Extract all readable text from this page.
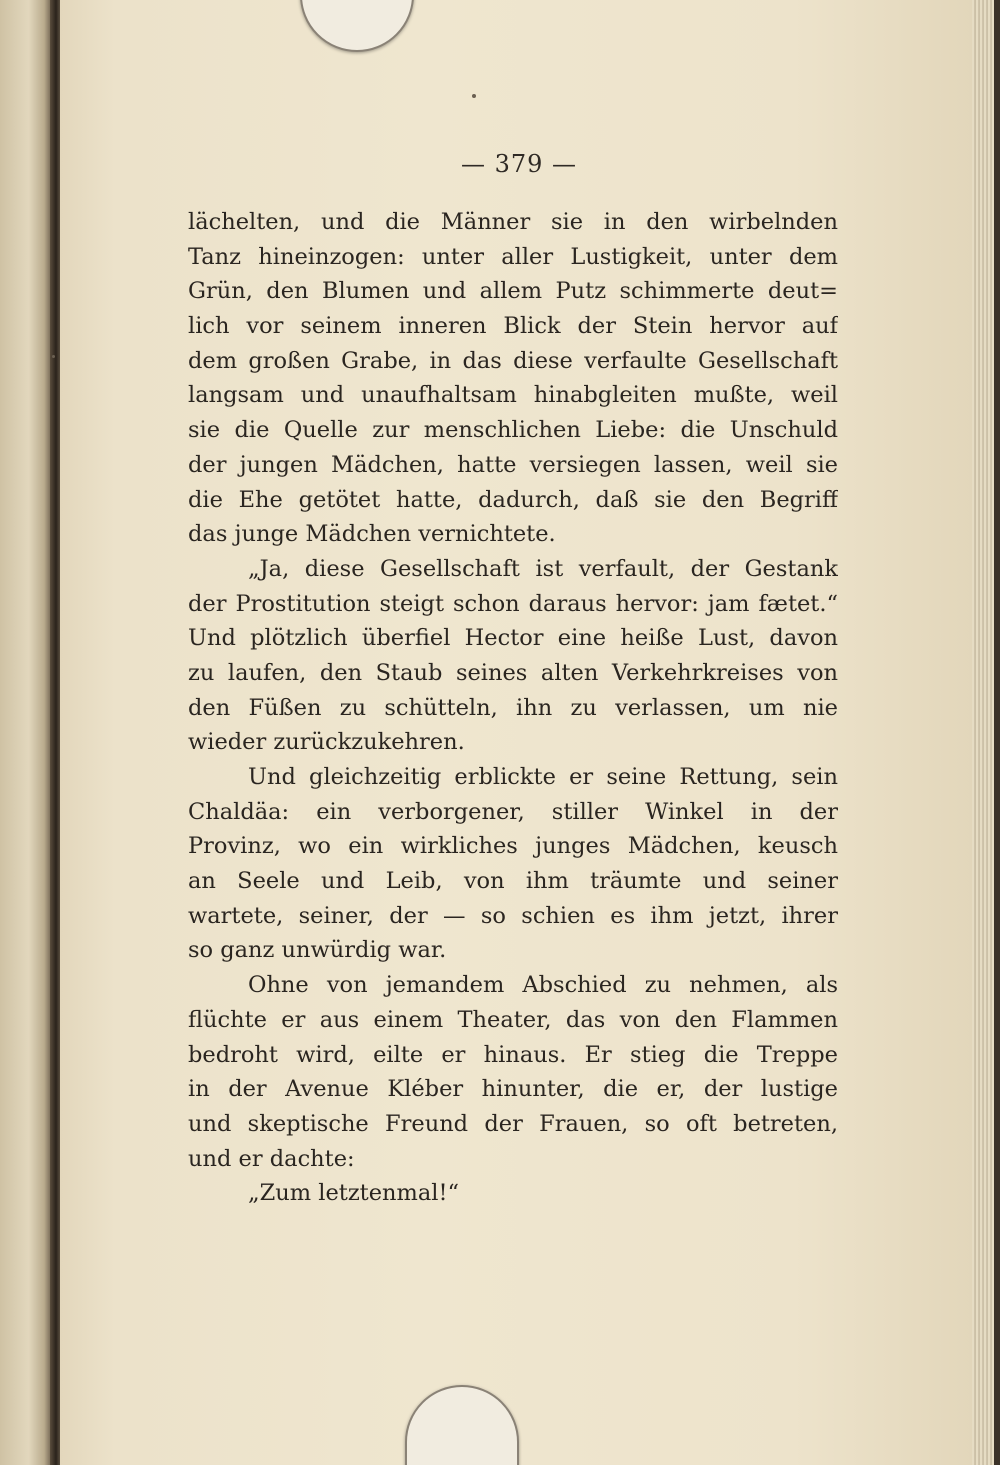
— 379 —
lächelten, und die Männer sie in den wirbelnden
Tanz hineinzogen: unter aller Lustigkeit, unter dem
Grün, den Blumen und allem Putz schimmerte deut=
lich vor seinem inneren Blick der Stein hervor auf
dem großen Grabe, in das diese verfaulte Gesellschaft
langsam und unaufhaltsam hinabgleiten mußte, weil
sie die Quelle zur menschlichen Liebe: die Unschuld
der jungen Mädchen, hatte versiegen lassen, weil sie
die Ehe getötet hatte, dadurch, daß sie den Begriff
das junge Mädchen vernichtete.
„Ja, diese Gesellschaft ist verfault, der Gestank
der Prostitution steigt schon daraus hervor: jam fætet.“
Und plötzlich überfiel Hector eine heiße Lust, davon
zu laufen, den Staub seines alten Verkehrkreises von
den Füßen zu schütteln, ihn zu verlassen, um nie
wieder zurückzukehren.
Und gleichzeitig erblickte er seine Rettung, sein
Chaldäa: ein verborgener, stiller Winkel in der
Provinz, wo ein wirkliches junges Mädchen, keusch
an Seele und Leib, von ihm träumte und seiner
wartete, seiner, der — so schien es ihm jetzt, ihrer
so ganz unwürdig war.
Ohne von jemandem Abschied zu nehmen, als
flüchte er aus einem Theater, das von den Flammen
bedroht wird, eilte er hinaus. Er stieg die Treppe
in der Avenue Kléber hinunter, die er, der lustige
und skeptische Freund der Frauen, so oft betreten,
und er dachte:
„Zum letztenmal!“
